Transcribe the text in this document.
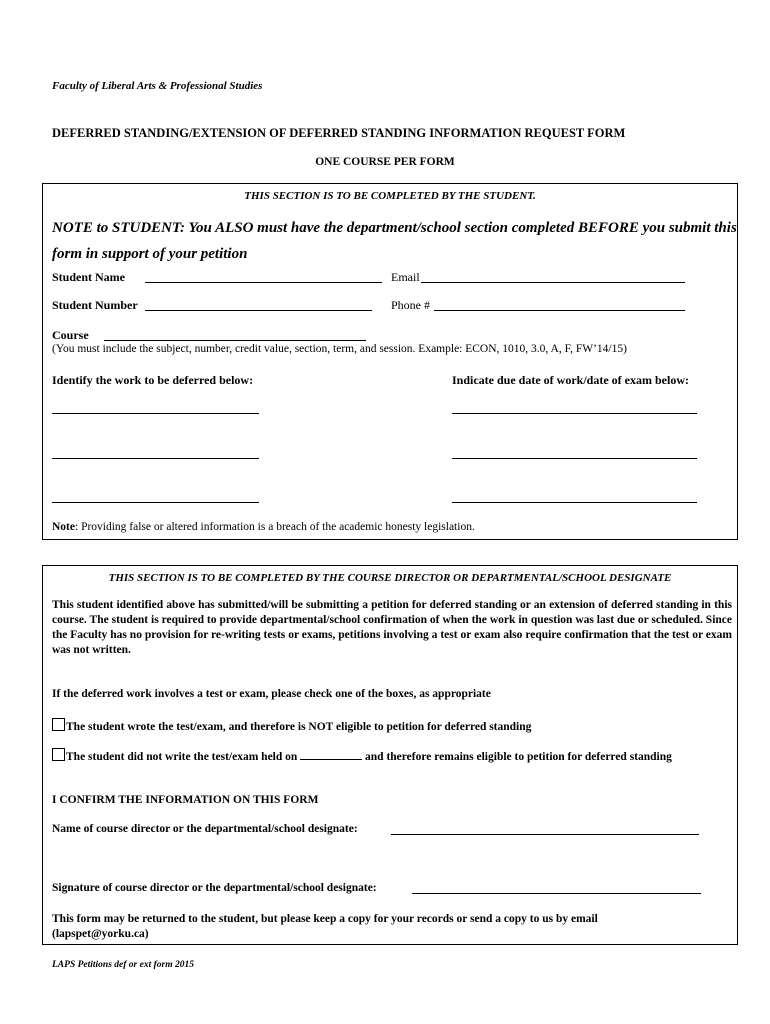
Faculty of Liberal Arts & Professional Studies
DEFERRED STANDING/EXTENSION OF DEFERRED STANDING INFORMATION REQUEST FORM
ONE COURSE PER FORM
THIS SECTION IS TO BE COMPLETED BY THE STUDENT.
NOTE to STUDENT: You ALSO must have the department/school section completed BEFORE you submit this form in support of your petition
Student Name	Email
Student Number	Phone #
Course
(You must include the subject, number, credit value, section, term, and session. Example: ECON, 1010, 3.0, A, F, FW’14/15)
Identify the work to be deferred below:	Indicate due date of work/date of exam below:
Note: Providing false or altered information is a breach of the academic honesty legislation.
THIS SECTION IS TO BE COMPLETED BY THE COURSE DIRECTOR OR DEPARTMENTAL/SCHOOL DESIGNATE
This student identified above has submitted/will be submitting a petition for deferred standing or an extension of deferred standing in this course. The student is required to provide departmental/school confirmation of when the work in question was last due or scheduled. Since the Faculty has no provision for re-writing tests or exams, petitions involving a test or exam also require confirmation that the test or exam was not written.
If the deferred work involves a test or exam, please check one of the boxes, as appropriate
The student wrote the test/exam, and therefore is NOT eligible to petition for deferred standing
The student did not write the test/exam held on	and therefore remains eligible to petition for deferred standing
I CONFIRM THE INFORMATION ON THIS FORM
Name of course director or the departmental/school designate:
Signature of course director or the departmental/school designate:
This form may be returned to the student, but please keep a copy for your records or send a copy to us by email (lapspet@yorku.ca)
LAPS Petitions def or ext form 2015
